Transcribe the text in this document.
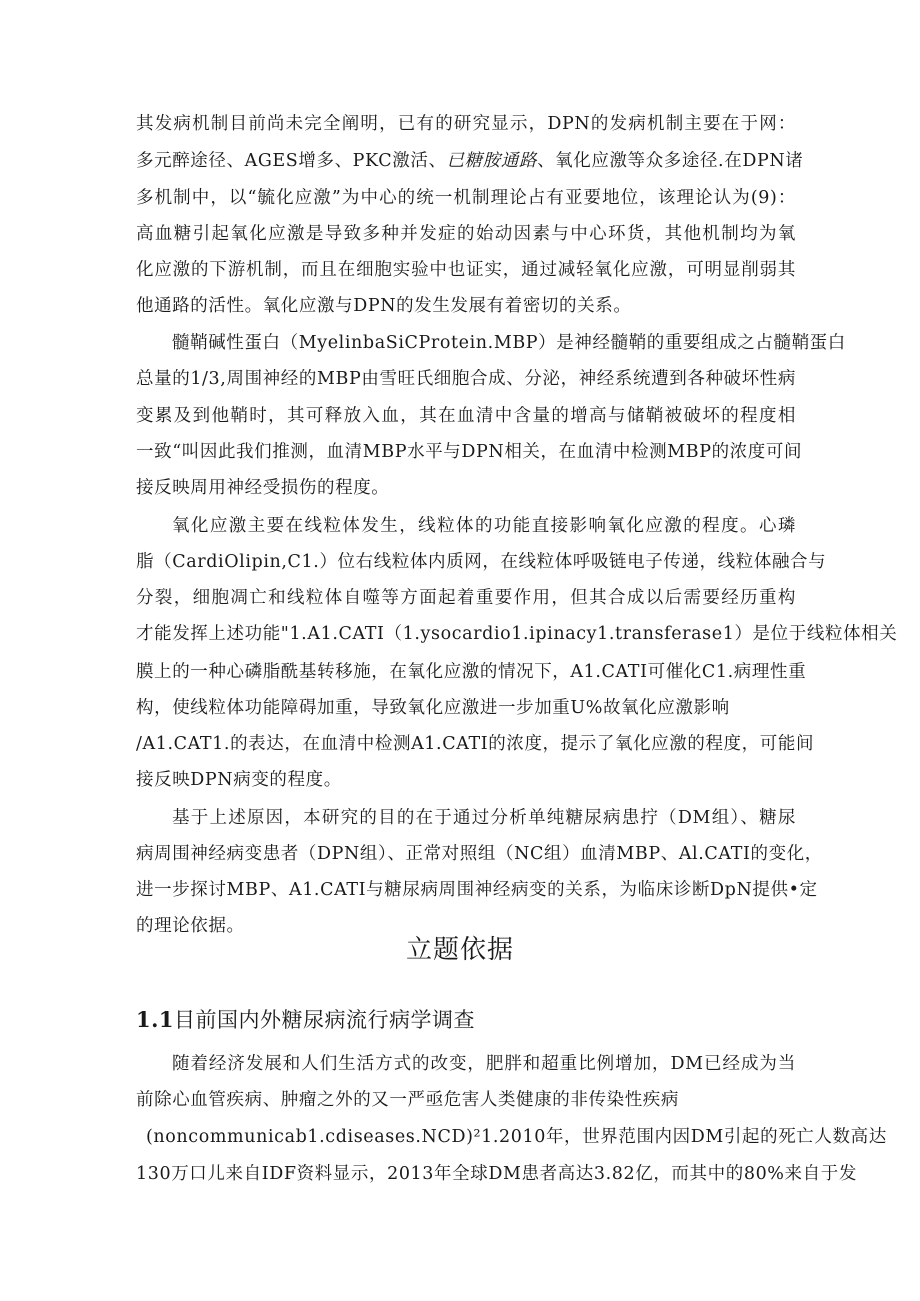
其发病机制目前尚未完全阐明，已有的研究显示，DPN的发病机制主要在于网：
多元醉途径、AGES增多、PKC激活、已糖胺通路、氧化应激等众多途径.在DPN诸
多机制中，以“毓化应激”为中心的统一机制理论占有亚要地位，该理论认为(9)：
高血糖引起氧化应激是导致多种并发症的始动因素与中心环货，其他机制均为氧
化应激的下游机制，而且在细胞实验中也证实，通过减轻氧化应激，可明显削弱其
他通路的活性。氧化应激与DPN的发生发展有着密切的关系。
髓鞘碱性蛋白（MyelinbaSiCProtein.MBP）是神经髓鞘的重要组成之占髓鞘蛋白
总量的1/3,周围神经的MBP由雪旺氏细胞合成、分泌，神经系统遭到各种破坏性病
变累及到他鞘时，其可释放入血，其在血清中含量的增高与储鞘被破坏的程度相
一致“叫因此我们推测，血清MBP水平与DPN相关，在血清中检测MBP的浓度可间
接反映周用神经受损伤的程度。
氧化应激主要在线粒体发生，线粒体的功能直接影响氧化应激的程度。心璘
脂（CardiOlipin,C1.）位右线粒体内质网，在线粒体呼吸链电子传递，线粒体融合与
分裂，细胞凋亡和线粒体自噬等方面起着重要作用，但其合成以后需要经历重构
才能发挥上述功能"1.A1.CATI（1.ysocardio1.ipinacy1.transferase1）是位于线粒体相关
膜上的一种心磷脂酰基转移施，在氧化应激的情况下，A1.CATI可催化C1.病理性重
构，使线粒体功能障碍加重，导致氧化应激进一步加重U%故氧化应激影响
/A1.CAT1.的表达，在血清中检测A1.CATI的浓度，提示了氧化应激的程度，可能间
接反映DPN病变的程度。
基于上述原因，本研究的目的在于通过分析单纯糖尿病患拧（DM组）、糖尿
病周围神经病变患者（DPN组）、正常对照组（NC组）血清MBP、Al.CATI的变化，
进一步探讨MBP、A1.CATI与糖尿病周围神经病变的关系，为临床诊断DpN提供•定
的理论依据。
立题依据
1.1目前国内外糖尿病流行病学调查
随着经济发展和人们生活方式的改变，肥胖和超重比例增加，DM已经成为当
前除心血管疾病、肿瘤之外的又一严亟危害人类健康的非传染性疾病
(noncommunicab1.cdiseases.NCD)²1.2010年，世界范围内因DM引起的死亡人数高达
130万口儿来自IDF资料显示，2013年全球DM患者高达3.82亿，而其中的80%来自于发
